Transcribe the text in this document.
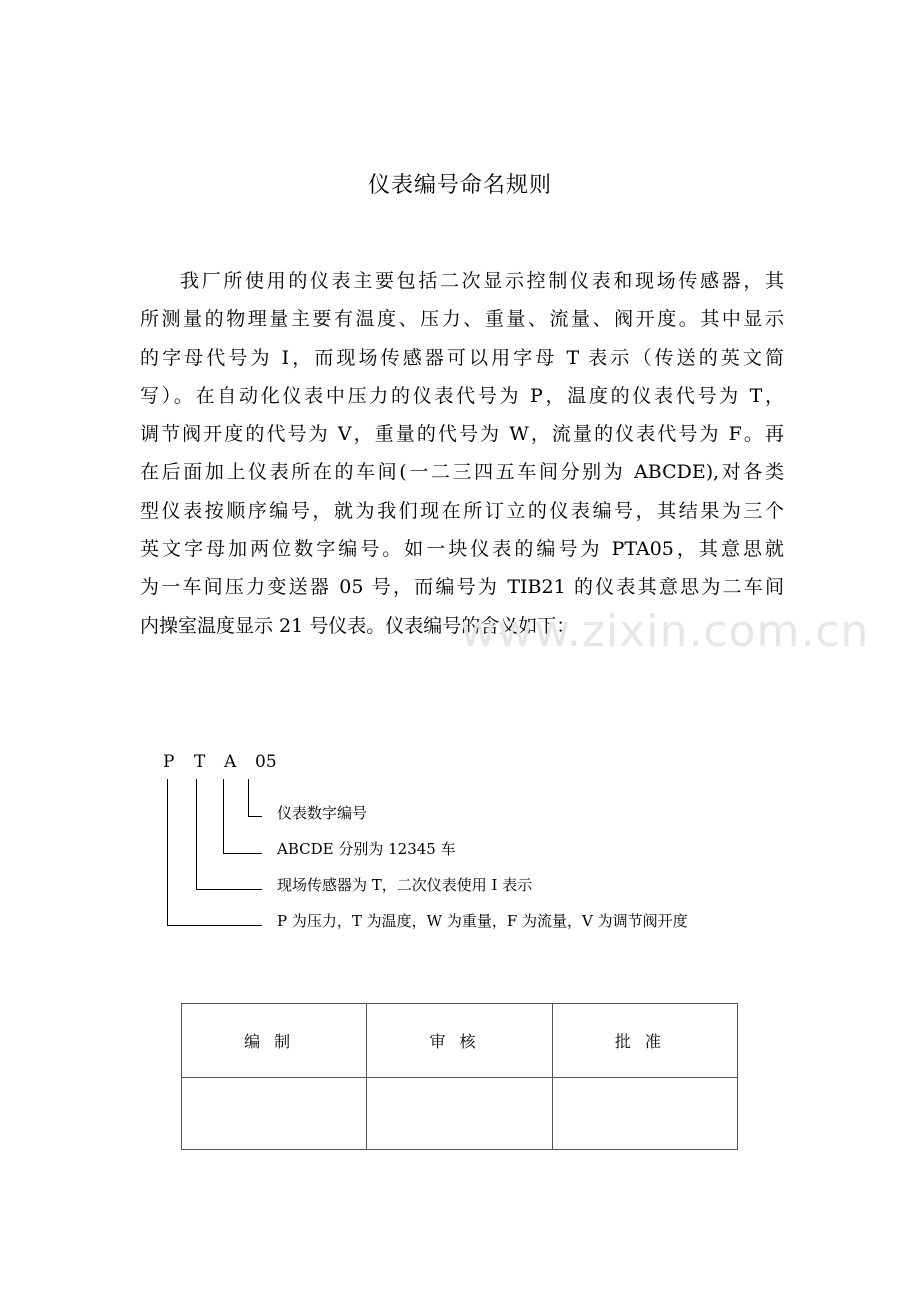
仪表编号命名规则
我厂所使用的仪表主要包括二次显示控制仪表和现场传感器，其
所测量的物理量主要有温度、压力、重量、流量、阀开度。其中显示
的字母代号为 I，而现场传感器可以用字母 T 表示（传送的英文简
写）。在自动化仪表中压力的仪表代号为 P，温度的仪表代号为 T，
调节阀开度的代号为 V，重量的代号为 W，流量的仪表代号为 F。再
在后面加上仪表所在的车间(一二三四五车间分别为 ABCDE),对各类
型仪表按顺序编号，就为我们现在所订立的仪表编号，其结果为三个
英文字母加两位数字编号。如一块仪表的编号为 PTA05，其意思就
为一车间压力变送器 05 号，而编号为 TIB21 的仪表其意思为二车间
内操室温度显示 21 号仪表。仪表编号的含义如下：
www.zixin.com.cn
P T A 05
仪表数字编号
ABCDE 分别为 12345 车
现场传感器为 T，二次仪表使用 I 表示
P 为压力，T 为温度，W 为重量，F 为流量，V 为调节阀开度
编制	审核	批准
